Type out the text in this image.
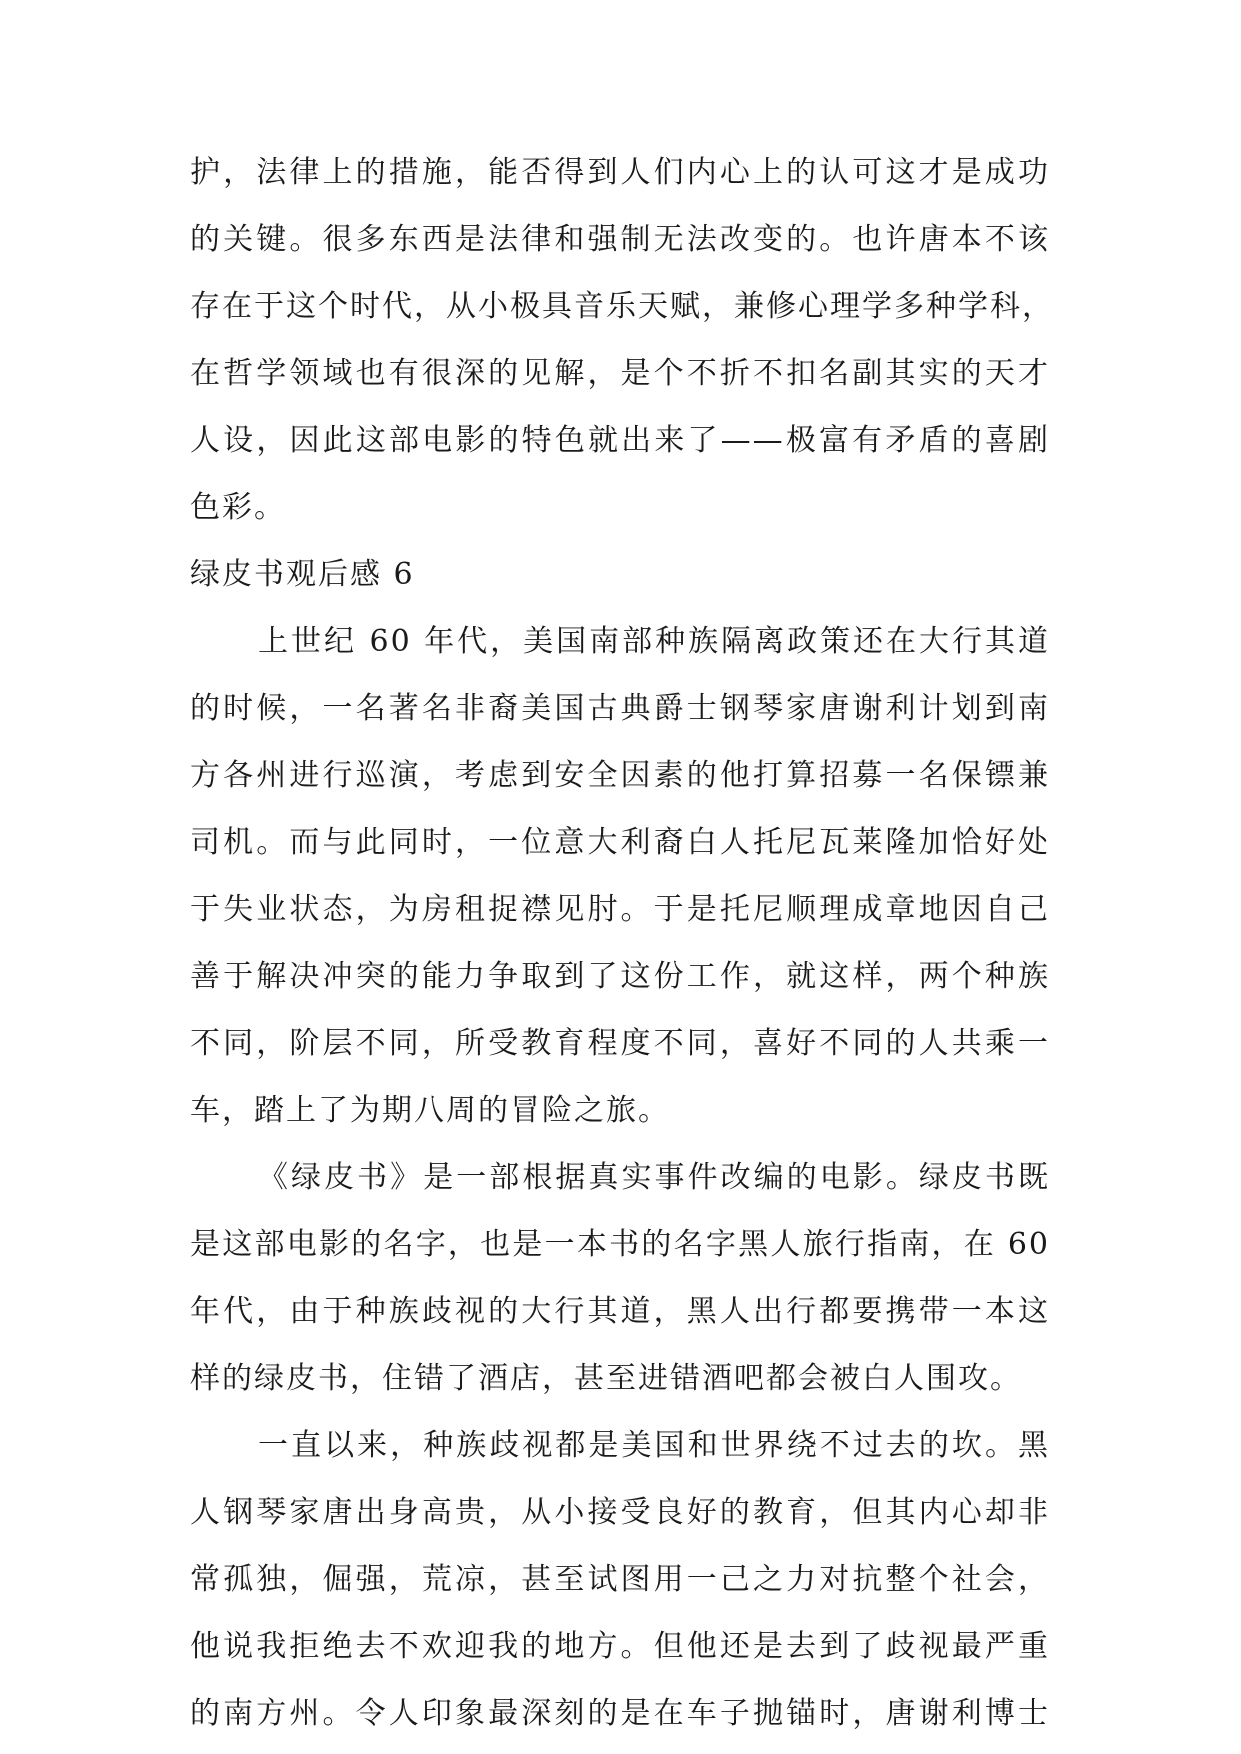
护，法律上的措施，能否得到人们内心上的认可这才是成功
的关键。很多东西是法律和强制无法改变的。也许唐本不该
存在于这个时代，从小极具音乐天赋，兼修心理学多种学科，
在哲学领域也有很深的见解，是个不折不扣名副其实的天才
人设，因此这部电影的特色就出来了——极富有矛盾的喜剧
色彩。
绿皮书观后感 6
上世纪 60 年代，美国南部种族隔离政策还在大行其道
的时候，一名著名非裔美国古典爵士钢琴家唐谢利计划到南
方各州进行巡演，考虑到安全因素的他打算招募一名保镖兼
司机。而与此同时，一位意大利裔白人托尼瓦莱隆加恰好处
于失业状态，为房租捉襟见肘。于是托尼顺理成章地因自己
善于解决冲突的能力争取到了这份工作，就这样，两个种族
不同，阶层不同，所受教育程度不同，喜好不同的人共乘一
车，踏上了为期八周的冒险之旅。
《绿皮书》是一部根据真实事件改编的电影。绿皮书既
是这部电影的名字，也是一本书的名字黑人旅行指南，在 60
年代，由于种族歧视的大行其道，黑人出行都要携带一本这
样的绿皮书，住错了酒店，甚至进错酒吧都会被白人围攻。
一直以来，种族歧视都是美国和世界绕不过去的坎。黑
人钢琴家唐出身高贵，从小接受良好的教育，但其内心却非
常孤独，倔强，荒凉，甚至试图用一己之力对抗整个社会，
他说我拒绝去不欢迎我的地方。但他还是去到了歧视最严重
的南方州。令人印象最深刻的是在车子抛锚时，唐谢利博士
